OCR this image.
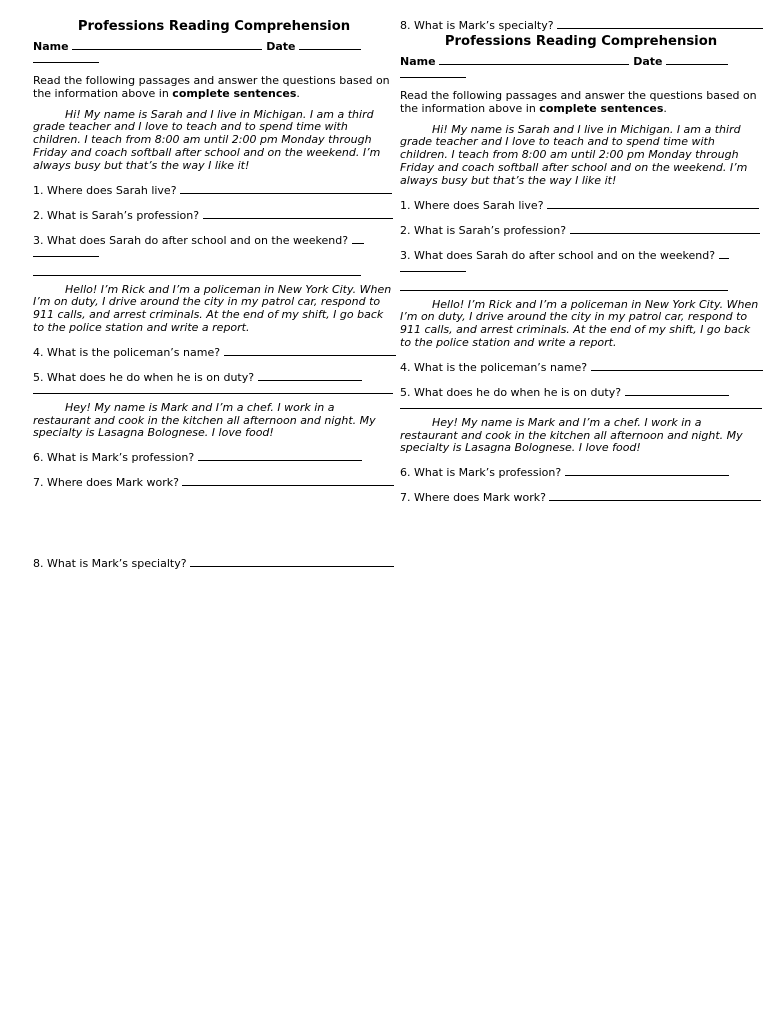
Professions Reading Comprehension
Name	Date

Read the following passages and answer the questions based on the information above in complete sentences.

Hi! My name is Sarah and I live in Michigan. I am a third grade teacher and I love to teach and to spend time with children. I teach from 8:00 am until 2:00 pm Monday through Friday and coach softball after school and on the weekend. I’m always busy but that’s the way I like it!

1. Where does Sarah live?
2. What is Sarah’s profession?
3. What does Sarah do after school and on the weekend?

Hello! I’m Rick and I’m a policeman in New York City. When I’m on duty, I drive around the city in my patrol car, respond to 911 calls, and arrest criminals. At the end of my shift, I go back to the police station and write a report.

4. What is the policeman’s name?
5. What does he do when he is on duty?

Hey! My name is Mark and I’m a chef. I work in a restaurant and cook in the kitchen all afternoon and night. My specialty is Lasagna Bolognese. I love food!

6. What is Mark’s profession?
7. Where does Mark work?
8. What is Mark’s specialty?
8. What is Mark’s specialty?
Professions Reading Comprehension
Name	Date

Read the following passages and answer the questions based on the information above in complete sentences.

Hi! My name is Sarah and I live in Michigan. I am a third grade teacher and I love to teach and to spend time with children. I teach from 8:00 am until 2:00 pm Monday through Friday and coach softball after school and on the weekend. I’m always busy but that’s the way I like it!

1. Where does Sarah live?
2. What is Sarah’s profession?
3. What does Sarah do after school and on the weekend?

Hello! I’m Rick and I’m a policeman in New York City. When I’m on duty, I drive around the city in my patrol car, respond to 911 calls, and arrest criminals. At the end of my shift, I go back to the police station and write a report.

4. What is the policeman’s name?
5. What does he do when he is on duty?

Hey! My name is Mark and I’m a chef. I work in a restaurant and cook in the kitchen all afternoon and night. My specialty is Lasagna Bolognese. I love food!

6. What is Mark’s profession?
7. Where does Mark work?
